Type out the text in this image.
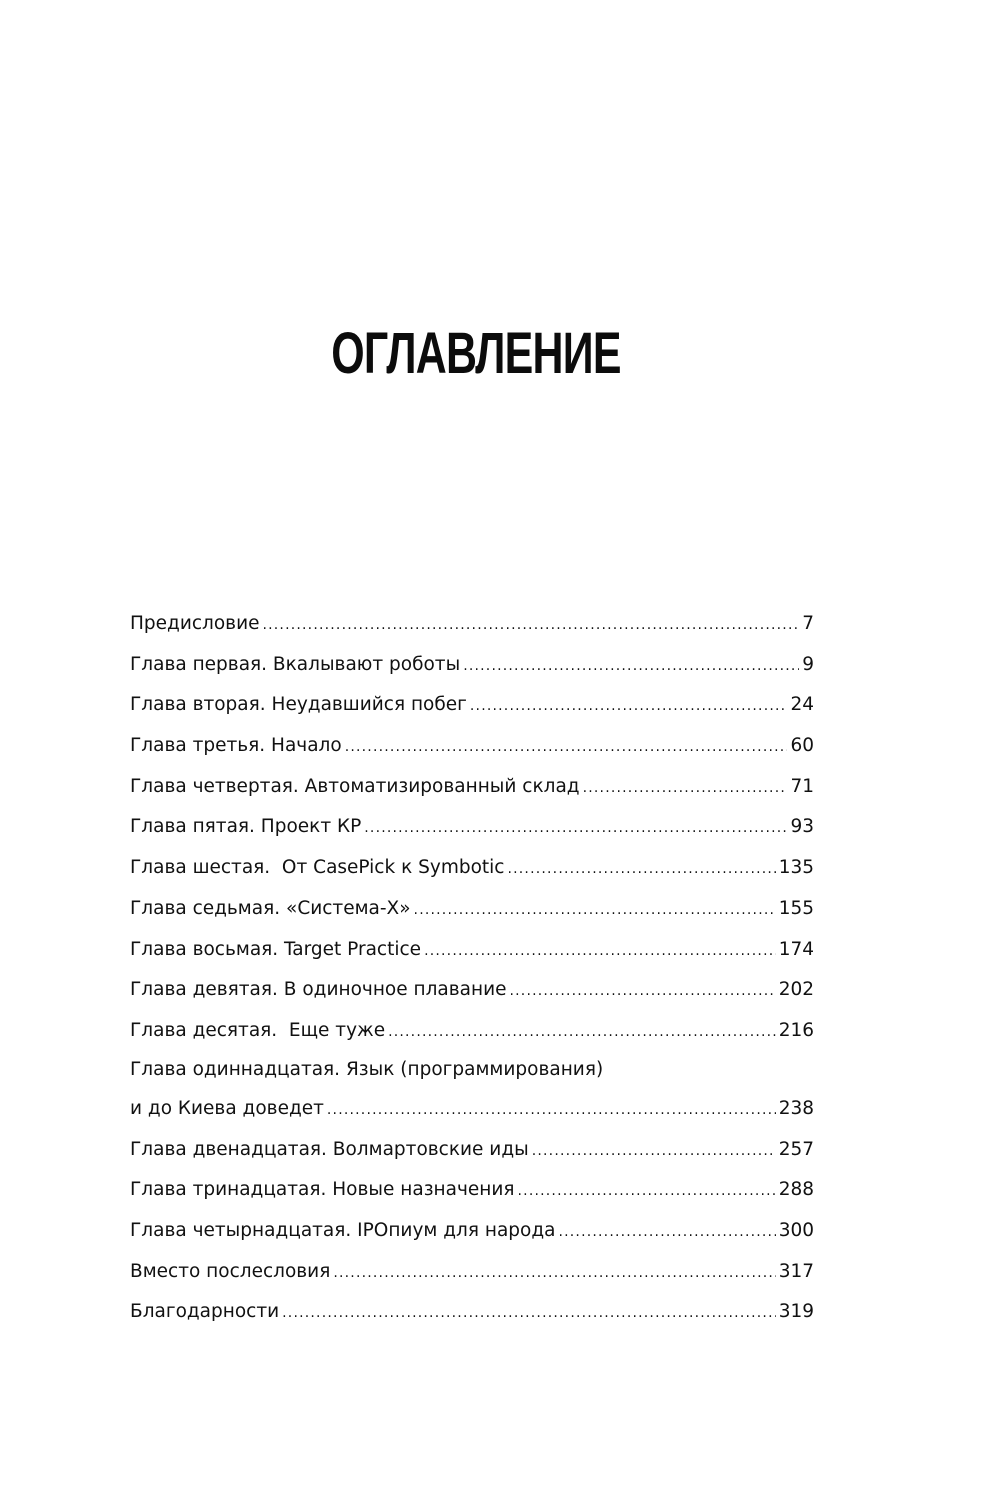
ОГЛАВЛЕНИЕ
Предисловие .....	7
Глава первая. Вкалывают роботы .....	9
Глава вторая. Неудавшийся побег .....	24
Глава третья. Начало .....	60
Глава четвертая. Автоматизированный склад .....	71
Глава пятая. Проект КР .....	93
Глава шестая.  От CasePick к Symbotic .....	135
Глава седьмая. «Система-Х» .....	155
Глава восьмая. Target Practice .....	174
Глава девятая. В одиночное плавание .....	202
Глава десятая.  Еще туже .....	216
Глава одиннадцатая. Язык (программирования)
и до Киева доведет .....	238
Глава двенадцатая. Волмартовские иды .....	257
Глава тринадцатая. Новые назначения .....	288
Глава четырнадцатая. IPOпиум для народа .....	300
Вместо послесловия .....	317
Благодарности .....	319
